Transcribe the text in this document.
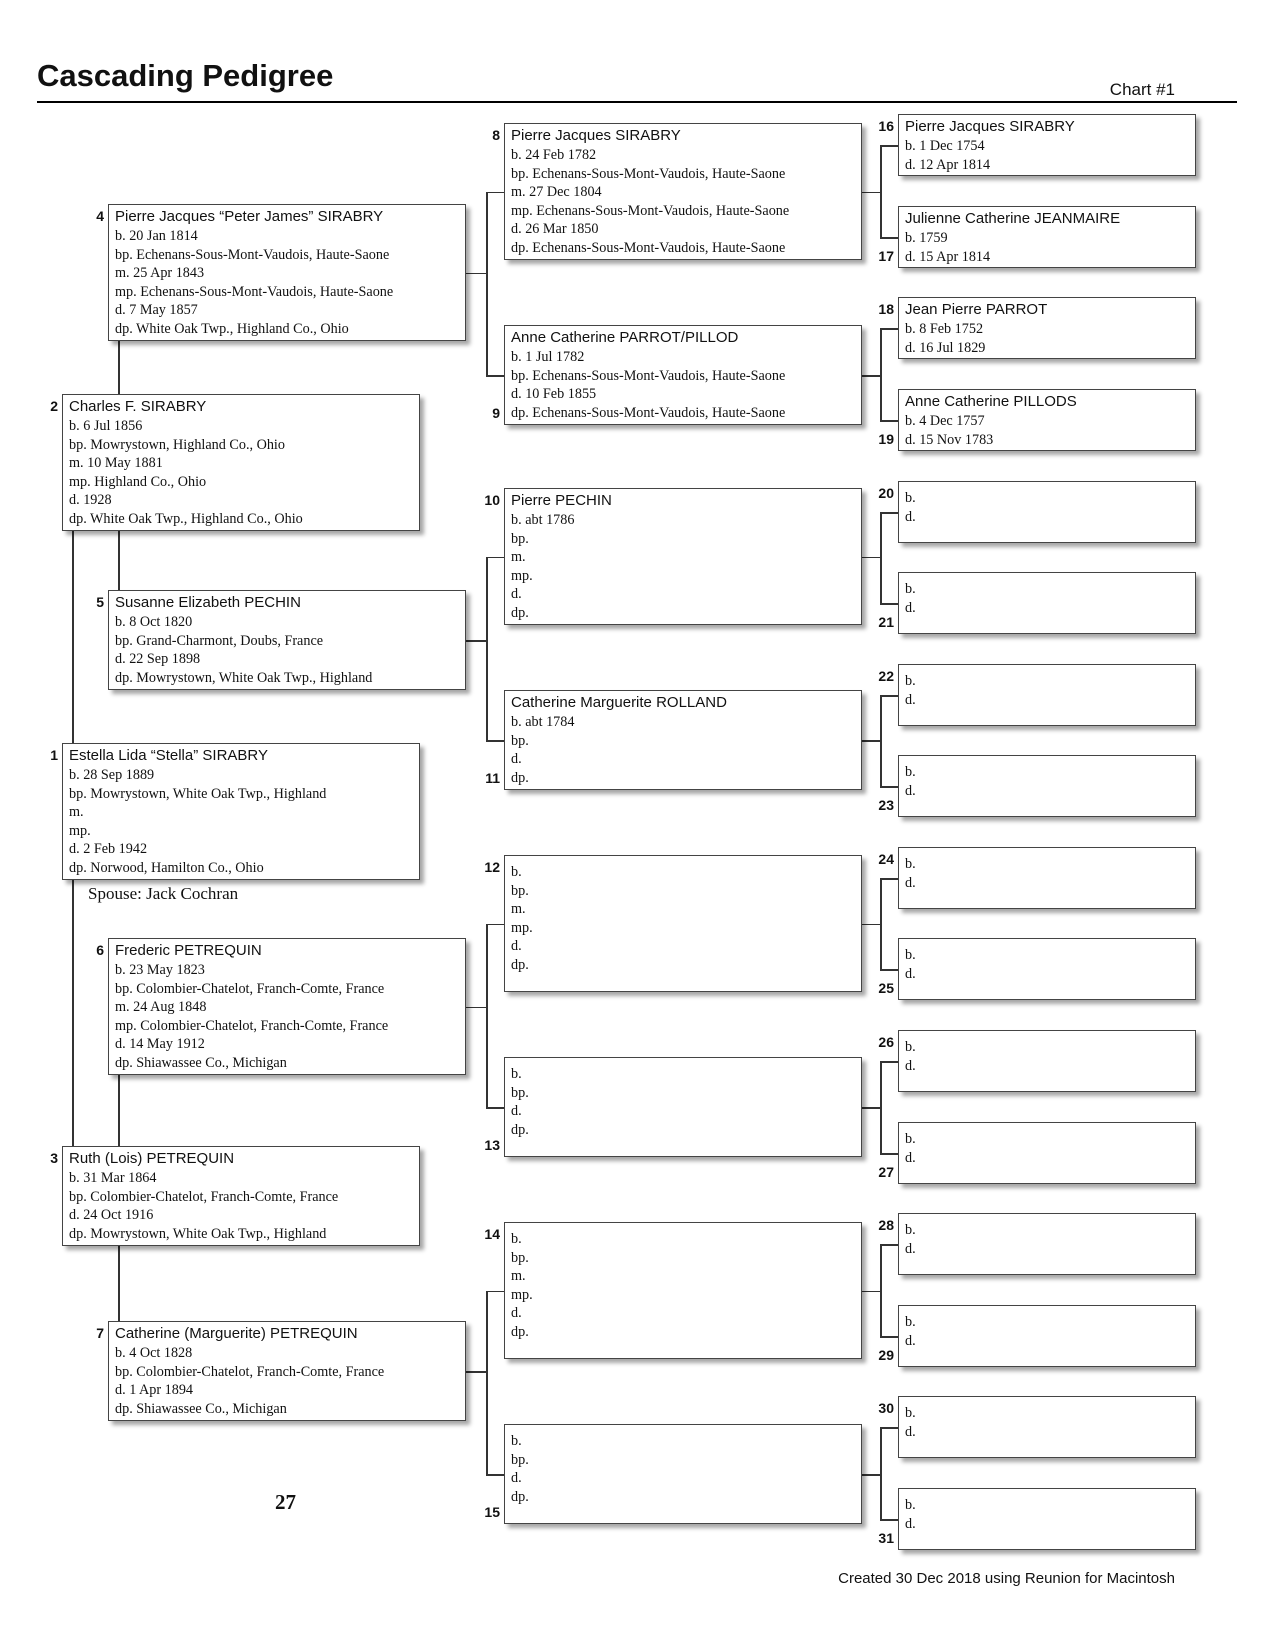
Cascading Pedigree	Chart #1
Estella Lida “Stella” SIRABRY
b. 28 Sep 1889
bp. Mowrystown, White Oak Twp., Highland
m.
mp.
d. 2 Feb 1942
dp. Norwood, Hamilton Co., Ohio
1
Charles F. SIRABRY
b. 6 Jul 1856
bp. Mowrystown, Highland Co., Ohio
m. 10 May 1881
mp. Highland Co., Ohio
d. 1928
dp. White Oak Twp., Highland Co., Ohio
2
Ruth (Lois) PETREQUIN
b. 31 Mar 1864
bp. Colombier-Chatelot, Franch-Comte, France
d. 24 Oct 1916
dp. Mowrystown, White Oak Twp., Highland
3
Pierre Jacques “Peter James” SIRABRY
b. 20 Jan 1814
bp. Echenans-Sous-Mont-Vaudois, Haute-Saone
m. 25 Apr 1843
mp. Echenans-Sous-Mont-Vaudois, Haute-Saone
d. 7 May 1857
dp. White Oak Twp., Highland Co., Ohio
4
Susanne Elizabeth PECHIN
b. 8 Oct 1820
bp. Grand-Charmont, Doubs, France
d. 22 Sep 1898
dp. Mowrystown, White Oak Twp., Highland
5
Frederic PETREQUIN
b. 23 May 1823
bp. Colombier-Chatelot, Franch-Comte, France
m. 24 Aug 1848
mp. Colombier-Chatelot, Franch-Comte, France
d. 14 May 1912
dp. Shiawassee Co., Michigan
6
Catherine (Marguerite) PETREQUIN
b. 4 Oct 1828
bp. Colombier-Chatelot, Franch-Comte, France
d. 1 Apr 1894
dp. Shiawassee Co., Michigan
7
Pierre Jacques SIRABRY
b. 24 Feb 1782
bp. Echenans-Sous-Mont-Vaudois, Haute-Saone
m. 27 Dec 1804
mp. Echenans-Sous-Mont-Vaudois, Haute-Saone
d. 26 Mar 1850
dp. Echenans-Sous-Mont-Vaudois, Haute-Saone
8
Anne Catherine PARROT/PILLOD
b. 1 Jul 1782
bp. Echenans-Sous-Mont-Vaudois, Haute-Saone
d. 10 Feb 1855
dp. Echenans-Sous-Mont-Vaudois, Haute-Saone
9
Pierre PECHIN
b. abt 1786
bp.
m.
mp.
d.
dp.
10
Catherine Marguerite ROLLAND
b. abt 1784
bp.
d.
dp.
11
b.
bp.
m.
mp.
d.
dp.
12
b.
bp.
d.
dp.
13
b.
bp.
m.
mp.
d.
dp.
14
b.
bp.
d.
dp.
15
Pierre Jacques SIRABRY
b. 1 Dec 1754
d. 12 Apr 1814
16
Julienne Catherine JEANMAIRE
b. 1759
d. 15 Apr 1814
17
Jean Pierre PARROT
b. 8 Feb 1752
d. 16 Jul 1829
18
Anne Catherine PILLODS
b. 4 Dec 1757
d. 15 Nov 1783
19
b.
d.
20
b.
d.
21
b.
d.
22
b.
d.
23
b.
d.
24
b.
d.
25
b.
d.
26
b.
d.
27
b.
d.
28
b.
d.
29
b.
d.
30
b.
d.
31
Spouse: Jack Cochran
27
Created 30 Dec 2018 using Reunion for Macintosh
